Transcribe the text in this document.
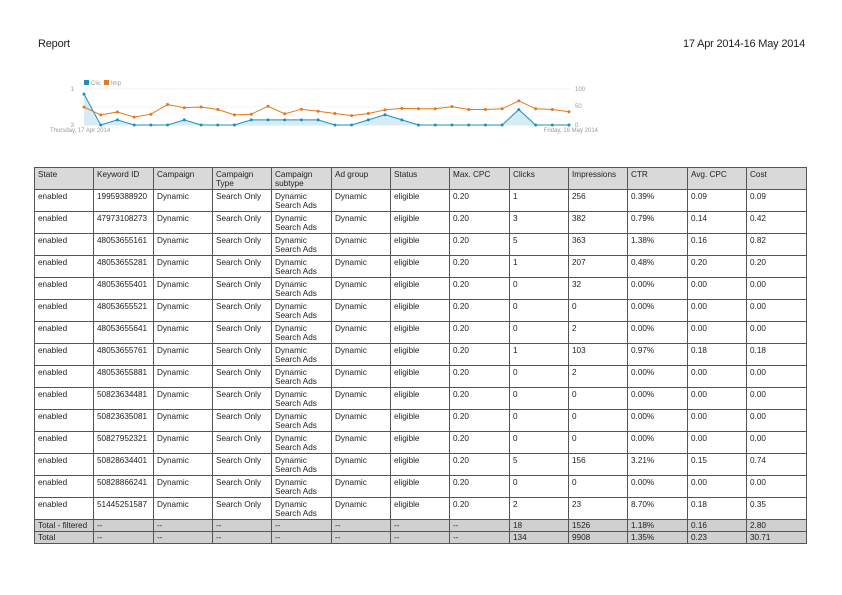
Report	17 Apr 2014-16 May 2014
3
1
0
50
100
Thursday, 17 Apr 2014	Friday, 16 May 2014
Clic Imp
State	Keyword ID	Campaign	Campaign Type	Campaign subtype	Ad group	Status	Max. CPC	Clicks	Impressions	CTR	Avg. CPC	Cost
enabled	19959388920	Dynamic	Search Only	Dynamic Search Ads	Dynamic	eligible	0.20	1	256	0.39%	0.09	0.09
enabled	47973108273	Dynamic	Search Only	Dynamic Search Ads	Dynamic	eligible	0.20	3	382	0.79%	0.14	0.42
enabled	48053655161	Dynamic	Search Only	Dynamic Search Ads	Dynamic	eligible	0.20	5	363	1.38%	0.16	0.82
enabled	48053655281	Dynamic	Search Only	Dynamic Search Ads	Dynamic	eligible	0.20	1	207	0.48%	0.20	0.20
enabled	48053655401	Dynamic	Search Only	Dynamic Search Ads	Dynamic	eligible	0.20	0	32	0.00%	0.00	0.00
enabled	48053655521	Dynamic	Search Only	Dynamic Search Ads	Dynamic	eligible	0.20	0	0	0.00%	0.00	0.00
enabled	48053655641	Dynamic	Search Only	Dynamic Search Ads	Dynamic	eligible	0.20	0	2	0.00%	0.00	0.00
enabled	48053655761	Dynamic	Search Only	Dynamic Search Ads	Dynamic	eligible	0.20	1	103	0.97%	0.18	0.18
enabled	48053655881	Dynamic	Search Only	Dynamic Search Ads	Dynamic	eligible	0.20	0	2	0.00%	0.00	0.00
enabled	50823634481	Dynamic	Search Only	Dynamic Search Ads	Dynamic	eligible	0.20	0	0	0.00%	0.00	0.00
enabled	50823635081	Dynamic	Search Only	Dynamic Search Ads	Dynamic	eligible	0.20	0	0	0.00%	0.00	0.00
enabled	50827952321	Dynamic	Search Only	Dynamic Search Ads	Dynamic	eligible	0.20	0	0	0.00%	0.00	0.00
enabled	50828634401	Dynamic	Search Only	Dynamic Search Ads	Dynamic	eligible	0.20	5	156	3.21%	0.15	0.74
enabled	50828866241	Dynamic	Search Only	Dynamic Search Ads	Dynamic	eligible	0.20	0	0	0.00%	0.00	0.00
enabled	51445251587	Dynamic	Search Only	Dynamic Search Ads	Dynamic	eligible	0.20	2	23	8.70%	0.18	0.35
Total - filtered	--	--	--	--	--	--	--	18	1526	1.18%	0.16	2.80
Total	--	--	--	--	--	--	--	134	9908	1.35%	0.23	30.71
